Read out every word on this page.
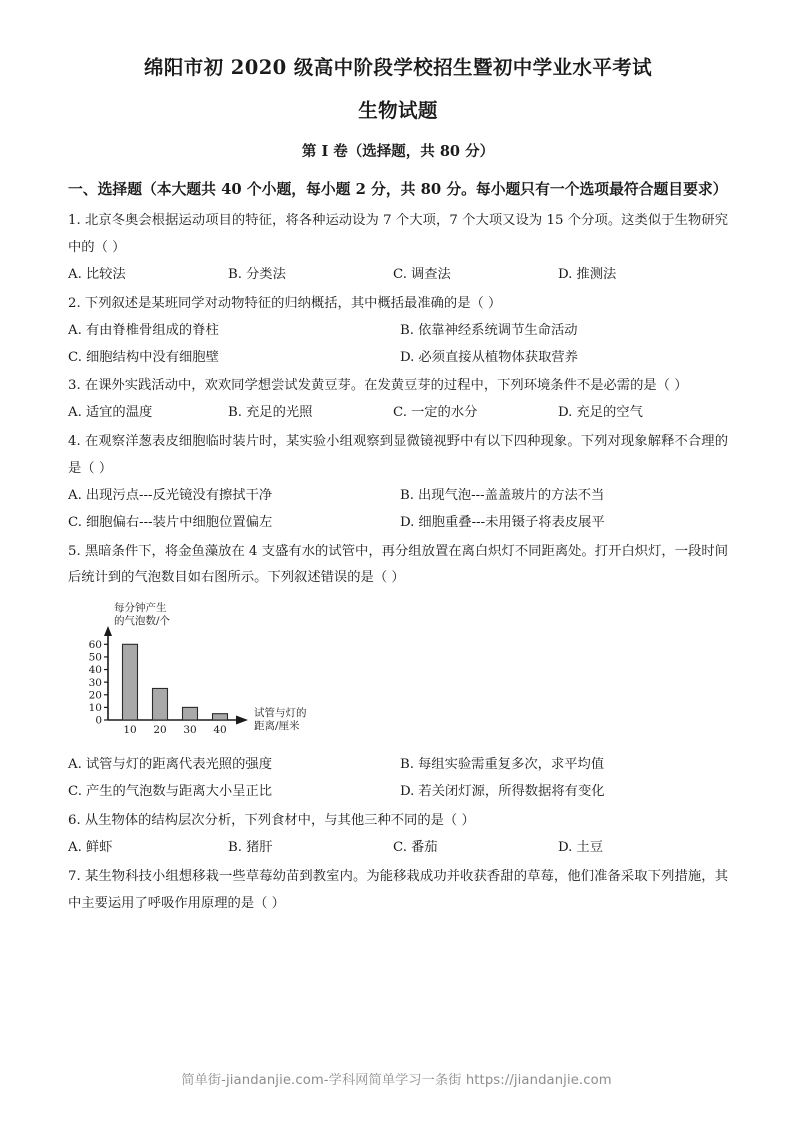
绵阳市初 2020 级高中阶段学校招生暨初中学业水平考试
生物试题
第 I 卷（选择题，共 80 分）
一、选择题（本大题共 40 个小题，每小题 2 分，共 80 分。每小题只有一个选项最符合题目要求）

1. 北京冬奥会根据运动项目的特征，将各种运动设为 7 个大项，7 个大项又设为 15 个分项。这类似于生物研究中的（ ）

A. 比较法	B. 分类法	C. 调查法	D. 推测法

2. 下列叙述是某班同学对动物特征的归纳概括，其中概括最准确的是（ ）

A. 有由脊椎骨组成的脊柱	B. 依靠神经系统调节生命活动
C. 细胞结构中没有细胞壁	D. 必须直接从植物体获取营养

3. 在课外实践活动中，欢欢同学想尝试发黄豆芽。在发黄豆芽的过程中，下列环境条件不是必需的是（ ）

A. 适宜的温度	B. 充足的光照	C. 一定的水分	D. 充足的空气

4. 在观察洋葱表皮细胞临时装片时，某实验小组观察到显微镜视野中有以下四种现象。下列对现象解释不合理的是（ ）

A. 出现污点---反光镜没有擦拭干净	B. 出现气泡---盖盖玻片的方法不当
C. 细胞偏右---装片中细胞位置偏左	D. 细胞重叠---未用镊子将表皮展平

5. 黑暗条件下，将金鱼藻放在 4 支盛有水的试管中，再分组放置在离白炽灯不同距离处。打开白炽灯，一段时间后统计到的气泡数目如右图所示。下列叙述错误的是（ ）

每分钟产生
的气泡数/个
0
10
20
30
40
50
60
10 20 30 40
试管与灯的
距离/厘米
A. 试管与灯的距离代表光照的强度	B. 每组实验需重复多次，求平均值
C. 产生的气泡数与距离大小呈正比	D. 若关闭灯源，所得数据将有变化

6. 从生物体的结构层次分析，下列食材中，与其他三种不同的是（ ）

A. 鲜虾	B. 猪肝	C. 番茄	D. 土豆

7. 某生物科技小组想移栽一些草莓幼苗到教室内。为能移栽成功并收获香甜的草莓，他们准备采取下列措施，其中主要运用了呼吸作用原理的是（ ）

简单街-jiandanjie.com-学科网简单学习一条街 https://jiandanjie.com
